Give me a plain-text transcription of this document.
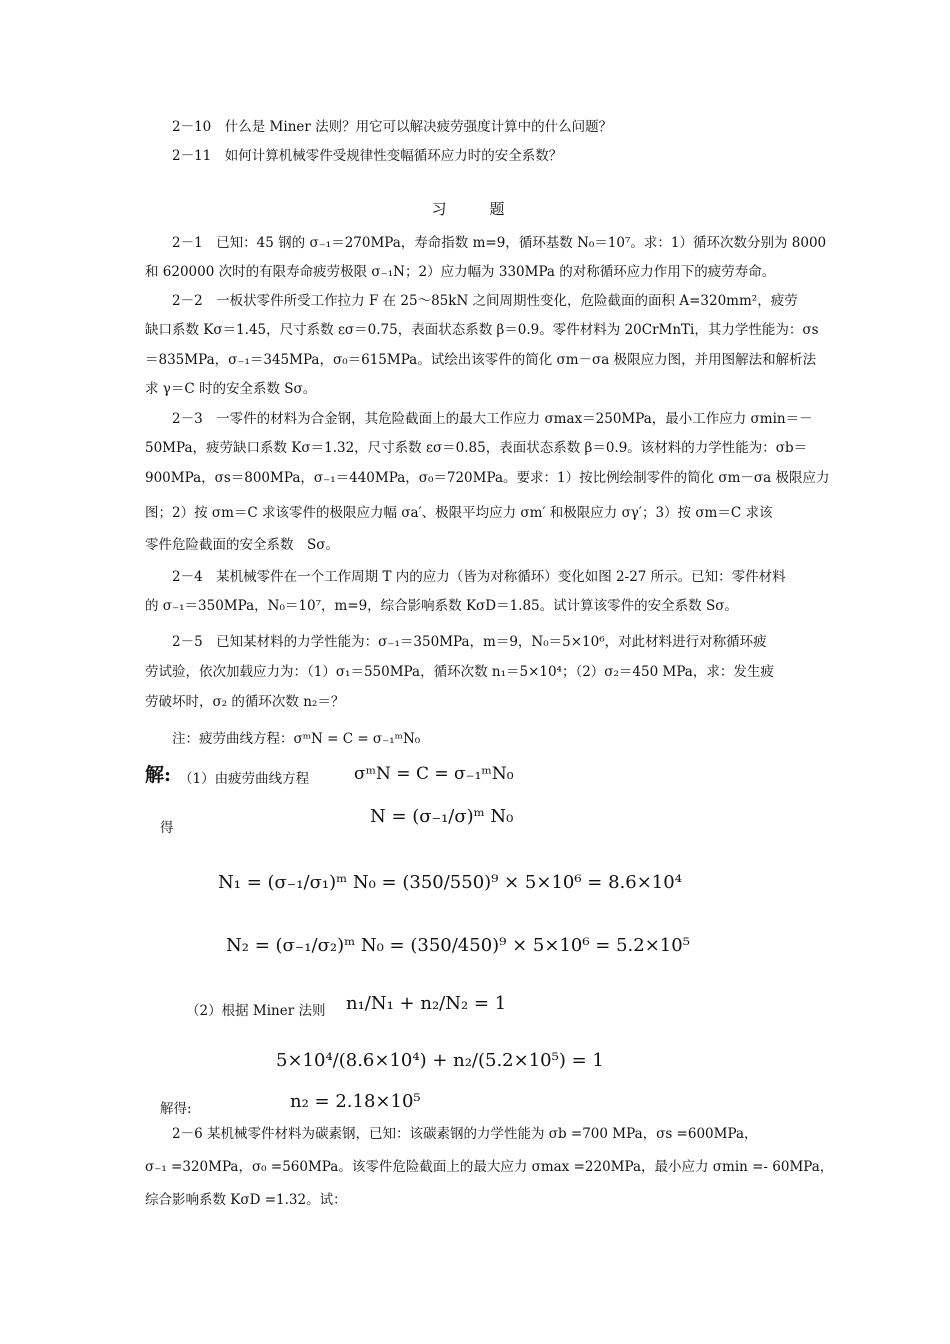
2－10　什么是 Miner 法则？用它可以解决疲劳强度计算中的什么问题？
2－11　如何计算机械零件受规律性变幅循环应力时的安全系数？
习　题
2－1　已知：45 钢的 σ₋₁＝270MPa，寿命指数 m=9，循环基数 N₀＝10⁷。求：1）循环次数分别为 8000
和 620000 次时的有限寿命疲劳极限 σ₋₁N；2）应力幅为 330MPa 的对称循环应力作用下的疲劳寿命。
2－2　一板状零件所受工作拉力 F 在 25～85kN 之间周期性变化，危险截面的面积 A=320mm²，疲劳
缺口系数 Kσ＝1.45，尺寸系数 εσ＝0.75，表面状态系数 β＝0.9。零件材料为 20CrMnTi，其力学性能为：σs
＝835MPa，σ₋₁＝345MPa，σ₀＝615MPa。试绘出该零件的简化 σm－σa 极限应力图，并用图解法和解析法
求 γ＝C 时的安全系数 Sσ。
2－3　一零件的材料为合金钢，其危险截面上的最大工作应力 σmax＝250MPa，最小工作应力 σmin＝－
50MPa，疲劳缺口系数 Kσ＝1.32，尺寸系数 εσ＝0.85，表面状态系数 β＝0.9。该材料的力学性能为：σb＝
900MPa，σs＝800MPa，σ₋₁＝440MPa，σ₀＝720MPa。要求：1）按比例绘制零件的简化 σm－σa 极限应力
图；2）按 σm＝C 求该零件的极限应力幅 σa′、极限平均应力 σm′ 和极限应力 σγ′；3）按 σm＝C 求该
零件危险截面的安全系数　Sσ。
2－4　某机械零件在一个工作周期 T 内的应力（皆为对称循环）变化如图 2-27 所示。已知：零件材料
的 σ₋₁＝350MPa，N₀＝10⁷，m=9，综合影响系数 KσD＝1.85。试计算该零件的安全系数 Sσ。
2－5　已知某材料的力学性能为：σ₋₁＝350MPa，m＝9，N₀＝5×10⁶，对此材料进行对称循环疲
劳试验，依次加载应力为：（1）σ₁＝550MPa，循环次数 n₁＝5×10⁴；（2）σ₂＝450 MPa，求：发生疲
劳破坏时，σ₂ 的循环次数 n₂＝？
注：疲劳曲线方程：σᵐN = C = σ₋₁ᵐN₀
解: （1）由疲劳曲线方程	σᵐN = C = σ₋₁ᵐN₀
得
N = (σ₋₁/σ)ᵐ N₀
N₁ = (σ₋₁/σ₁)ᵐ N₀ = (350/550)⁹ × 5×10⁶ = 8.6×10⁴
N₂ = (σ₋₁/σ₂)ᵐ N₀ = (350/450)⁹ × 5×10⁶ = 5.2×10⁵
（2）根据 Miner 法则 n₁/N₁ + n₂/N₂ = 1
5×10⁴/(8.6×10⁴) + n₂/(5.2×10⁵) = 1
解得:	n₂ = 2.18×10⁵
2－6 某机械零件材料为碳素钢，已知：该碳素钢的力学性能为 σb =700 MPa，σs =600MPa，
σ₋₁ =320MPa，σ₀ =560MPa。该零件危险截面上的最大应力 σmax =220MPa，最小应力 σmin =- 60MPa，
综合影响系数 KσD =1.32。试：
